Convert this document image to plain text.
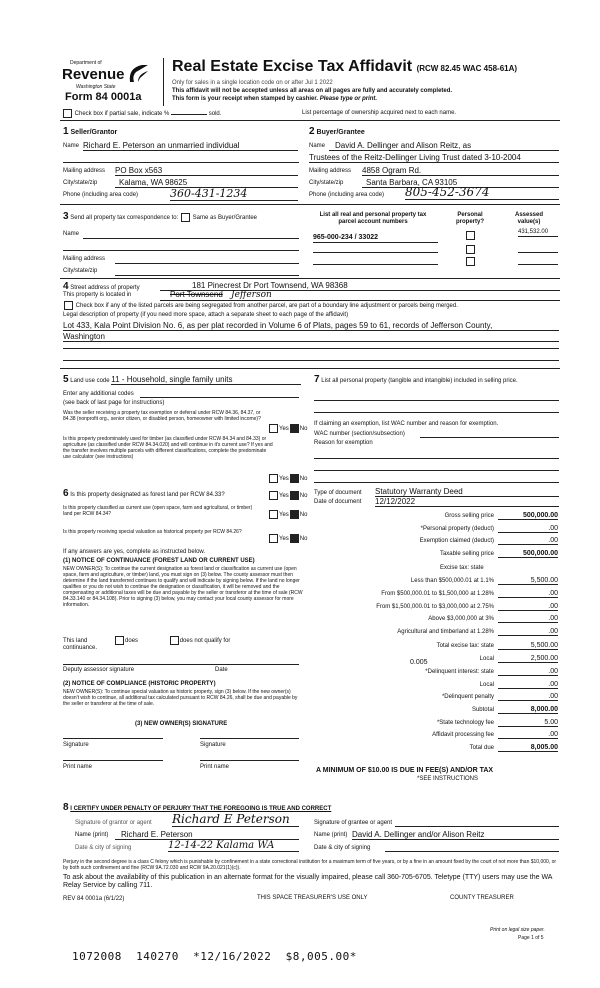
Department of
Revenue
Washington State
Form 84 0001a
Real Estate Excise Tax Affidavit (RCW 82.45 WAC 458-61A)
Only for sales in a single location code on or after Jul 1 2022
This affidavit will not be accepted unless all areas on all pages are fully and accurately completed.
This form is your receipt when stamped by cashier. Please type or print.
Check box if partial sale, indicate %	sold.	List percentage of ownership acquired next to each name.
1 Seller/Grantor
Name Richard E. Peterson an unmarried individual
Mailing address PO Box x563
City/state/zip	Kalama, WA 98625
Phone (including area code)	360-431-1234
2 Buyer/Grantee
Name	David A. Dellinger and Alison Reitz, as
Trustees of the Reitz-Dellinger Living Trust dated 3-10-2004
Mailing address 4858 Ogram Rd.
City/state/zip	Santa Barbara, CA 93105
Phone (including area code) 805-452-3674
3 Send all property tax correspondence to: Same as Buyer/Grantee
Name
Mailing address
City/state/zip
List all real and personal property tax parcel account numbers
Personal property?
Assessed value(s)
965-000-234 / 33022
431,532.00
4 Street address of property	181 Pinecrest Dr Port Townsend, WA 98368
This property is located in	Port Townsend Jefferson
Check box if any of the listed parcels are being segregated from another parcel, are part of a boundary line adjustment or parcels being merged.
Legal description of property (if you need more space, attach a separate sheet to each page of the affidavit)
Lot 433, Kala Point Division No. 6, as per plat recorded in Volume 6 of Plats, pages 59 to 61, records of Jefferson County,
Washington
5 Land use code 11 - Household, single family units
Enter any additional codes
(see back of last page for instructions)
Was the seller receiving a property tax exemption or deferral under RCW 84.36, 84.37, or 84.38 (nonprofit org., senior citizen, or disabled person, homeowner with limited income)?
Yes No
Is this property predominately used for timber (as classified under RCW 84.34 and 84.33) or agriculture (as classified under RCW 84.34.020) and will continue in it's current use? If yes and the transfer involves multiple parcels with different classifications, complete the predominate use calculator (see instructions)
Yes No
6 Is this property designated as forest land per RCW 84.33?	Yes No
Is this property classified as current use (open space, farm and agricultural, or timber) land per RCW 84.34?	Yes No
Is this property receiving special valuation as historical property per RCW 84.26?
Yes No
If any answers are yes, complete as instructed below.
(1) NOTICE OF CONTINUANCE (FOREST LAND OR CURRENT USE)
NEW OWNER(S): To continue the current designation as forest land or classification as current use (open space, farm and agriculture, or timber) land, you must sign on (3) below. The county assessor must then determine if the land transferred continues to qualify and will indicate by signing below. If the land no longer qualifies or you do not wish to continue the designation or classification, it will be removed and the compensating or additional taxes will be due and payable by the seller or transferor at the time of sale (RCW 84.33.140 or 84.34.108). Prior to signing (3) below, you may contact your local county assessor for more information.
This land	does	does not qualify for
continuance.
Deputy assessor signature	Date
(2) NOTICE OF COMPLIANCE (HISTORIC PROPERTY)
NEW OWNER(S): To continue special valuation as historic property, sign (3) below. If the new owner(s) doesn't wish to continue, all additional tax calculated pursuant to RCW 84.26, shall be due and payable by the seller or transferor at the time of sale.
(3) NEW OWNER(S) SIGNATURE
Signature	Signature
Print name	Print name
7 List all personal property (tangible and intangible) included in selling price.
If claiming an exemption, list WAC number and reason for exemption.
WAC number (section/subsection)
Reason for exemption
Type of document Statutory Warranty Deed
Date of document 12/12/2022
Gross selling price	500,000.00
*Personal property (deduct)	.00
Exemption claimed (deduct)	.00
Taxable selling price	500,000.00
Less than $500,000.01 at 1.1%	5,500.00
From $500,000.01 to $1,500,000 at 1.28%	.00
From $1,500,000.01 to $3,000,000 at 2.75%	.00
Above $3,000,000 at 3%	.00
Agricultural and timberland at 1.28%	.00
Total excise tax: state	5,500.00
Local	2,500.00
*Delinquent interest: state	.00
Local	.00
*Delinquent penalty	.00
Subtotal	8,000.00
*State technology fee	5.00
Affidavit processing fee	.00
Total due	8,005.00
0.005
Excise tax: state
A MINIMUM OF $10.00 IS DUE IN FEE(S) AND/OR TAX
*SEE INSTRUCTIONS
8 I CERTIFY UNDER PENALTY OF PERJURY THAT THE FOREGOING IS TRUE AND CORRECT
Signature of grantor or agent Richard E Peterson
Name (print)	Richard E. Peterson
Date & city of signing	12-14-22 Kalama WA
Signature of grantee or agent
Name (print) David A. Dellinger and/or Alison Reitz
Date & city of signing
Perjury in the second degree is a class C felony which is punishable by confinement in a state correctional institution for a maximum term of five years, or by a fine in an amount fixed by the court of not more than $10,000, or by both such confinement and fine (RCW 9A.72.030 and RCW 9A.20.021(1)(c)).
To ask about the availability of this publication in an alternate format for the visually impaired, please call 360-705-6705. Teletype (TTY) users may use the WA Relay Service by calling 711.
REV 84 0001a (6/1/22)	THIS SPACE TREASURER'S USE ONLY	COUNTY TREASURER
Print on legal size paper.
Page 1 of 5
1072008  140270  *12/16/2022  $8,005.00*
